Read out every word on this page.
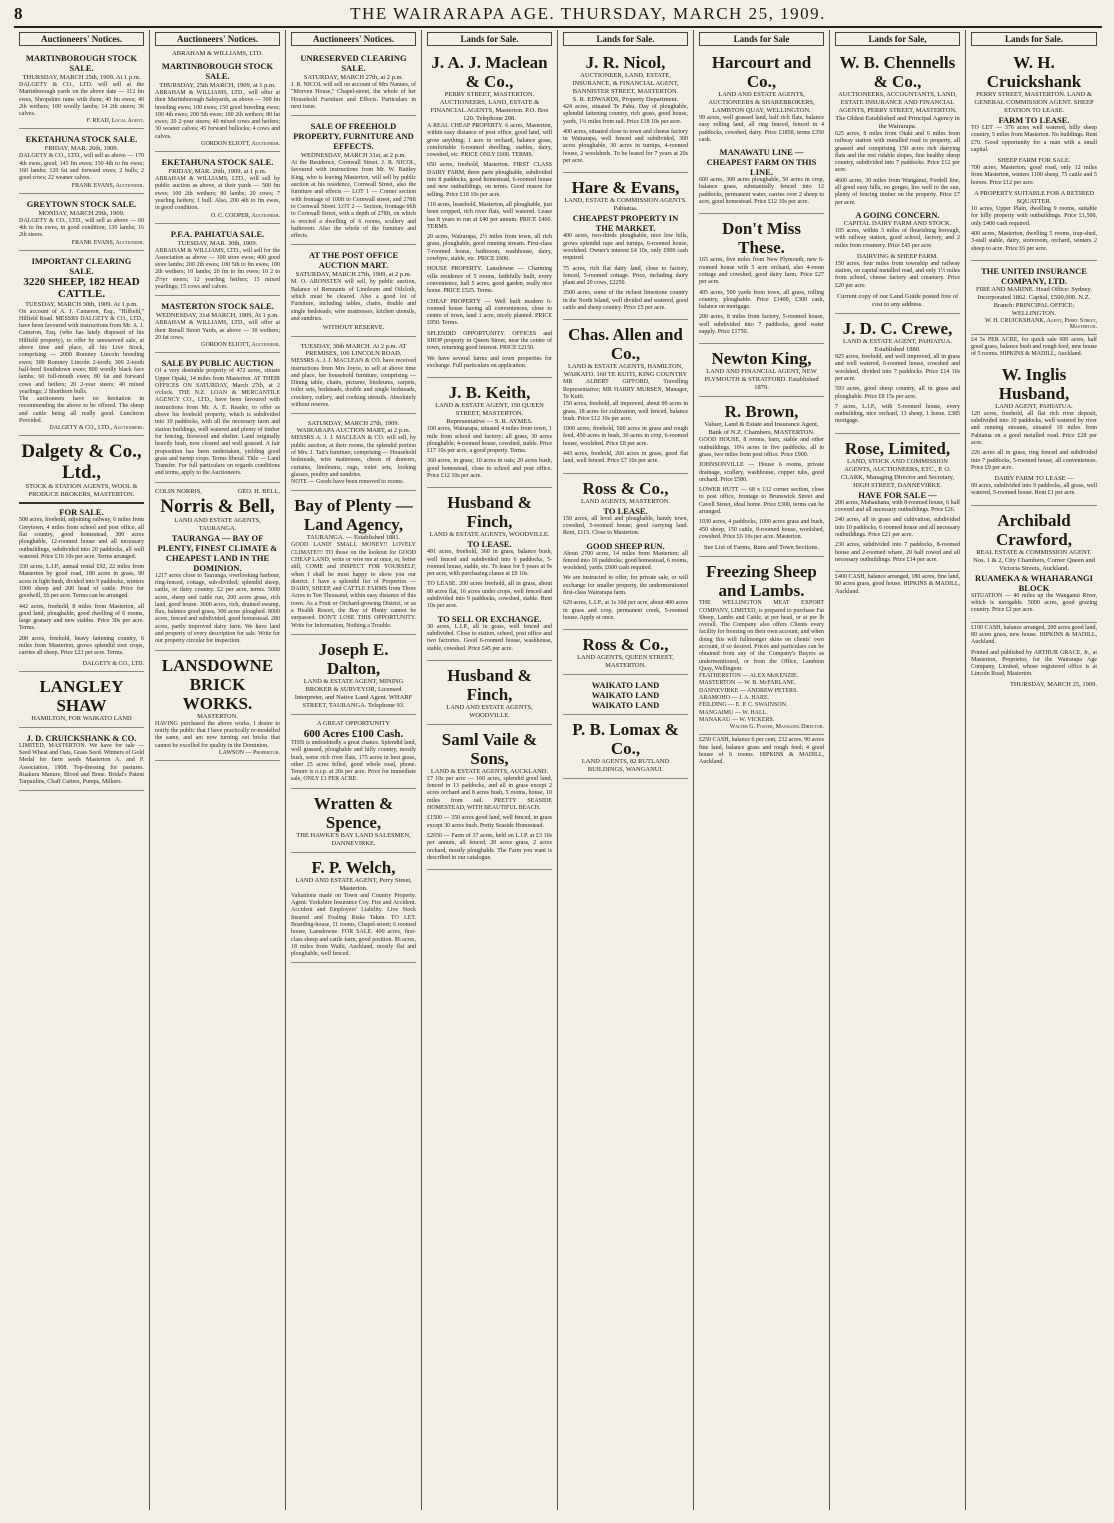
8	THE WAIRARAPA AGE. THURSDAY, MARCH 25, 1909.
Auctioneers' Notices.
MARTINBOROUGH STOCK SALE.
THURSDAY, MARCH 25th, 1909. At 1 p.m.
DALGETY & CO., LTD. will sell at the Martinborough yards on the above date — 112 fm ewes, Shropshire rams with them; 40 fm ewes; 40 2th wethers; 100 woolly lambs; 14 2th steers; 36 calves.
F. READ, Local Agent.
EKETAHUNA STOCK SALE.
FRIDAY, MAR. 26th, 1909.
DALGETY & CO., LTD., will sell as above — 170 4th ewes, good; 145 fm ewes; 150 4th to fm ewes; 160 lambs; 120 fat and forward ewes; 2 bulls; 2 good cows; 22 weaner calves.
FRANK EVANS, Auctioneer.
GREYTOWN STOCK SALE.
MONDAY, MARCH 29th, 1909.
DALGETY & CO., LTD., will sell as above — 60 4th to fm ewes, in good condition; 130 lambs; 16 2th steers.
FRANK EVANS, Auctioneer.
IMPORTANT CLEARING SALE.
3220 SHEEP, 182 HEAD CATTLE.
TUESDAY, MARCH 30th, 1909. At 1 p.m.
On account of A. J. Cameron, Esq., "Hilfield," Hilfield Road. MESSRS DALGETY & CO., LTD., have been favoured with instructions from Mr. A. J. Cameron, Esq. (who has lately disposed of his Hilfield property), to offer by unreserved sale, at above time and place, all his Live Stock, comprising — 2000 Romney Lincoln breeding ewes; 300 Romney Lincoln 2-tooth; 300 2-tooth half-bred Southdown ewes; 800 woolly black face lambs; 60 full-mouth ewes; 80 fat and forward cows and heifers; 20 2-year steers; 40 mixed yearlings; 2 Shorthorn bulls.
The auctioneers have no hesitation in recommending the above to be offered. The sheep and cattle being all really good. Luncheon Provided.
DALGETY & CO., LTD., Auctioneers.
Dalgety & Co., Ltd.,
STOCK & STATION AGENTS, WOOL & PRODUCE BROKERS, MASTERTON.
FOR SALE.
508 acres, freehold, adjoining railway, 6 miles from Greytown, 4 miles from school and post office, all flat country, good homestead, 300 acres ploughable, 12-roomed house and all necessary outbuildings, subdivided into 20 paddocks, all well watered. Price £16 10s per acre. Terms arranged.
330 acres, L.I.P., annual rental £92, 22 miles from Masterton by good road, 180 acres in grass, 90 acres in light bush, divided into 9 paddocks, winters 1000 sheep and 200 head of cattle. Price for goodwill, £6 per acre. Terms can be arranged.
442 acres, freehold, 8 miles from Masterton, all good land, ploughable, good dwelling of 6 rooms, large granary and new stables. Price 30s per acre. Terms.
200 acres, freehold, heavy fattening country, 6 miles from Masterton, grows splendid root crops, carries all sheep. Price £23 per acre. Terms.
DALGETY & CO., LTD.
LANGLEY SHAW
HAMILTON, FOR WAIKATO LAND
J. D. CRUICKSHANK & CO.
LIMITED, MASTERTON. We have for sale — Seed Wheat and Oats, Grass Seed. Winners of Gold Medal for farm seeds Masterton A. and P. Association, 1908. Top-dressing for pastures. Ruakura Manure, Blood and Bone. Bridal's Patent Tarpaulins, Chaff Cutters, Pumps, Milkers.
Auctioneers' Notices.
ABRAHAM & WILLIAMS, LTD.
MARTINBOROUGH STOCK SALE.
THURSDAY, 25th MARCH, 1909, at 1 p.m.
ABRAHAM & WILLIAMS, LTD., will offer at their Martinborough Saleyards, as above — 300 fm breeding ewes; 100 ewes; 150 good breeding ewes; 100 4th ewes; 200 5th ewes; 100 2th wethers; 80 fat ewes; 20 2-year steers; 40 mixed cows and heifers; 30 weaner calves; 45 forward bullocks; 4 cows and calves.
GORDON ELIOTT, Auctioneer.
EKETAHUNA STOCK SALE.
FRIDAY, MAR. 26th, 1909, at 1 p.m.
ABRAHAM & WILLIAMS, LTD., will sell by public auction as above, at their yards — 500 fm ewes; 100 2th wethers; 80 lambs; 20 cows; 7 yearling heifers; 1 bull. Also, 200 4th to fm ewes, in good condition.
O. C. COOPER, Auctioneer.
P.F.A. PAHIATUA SALE.
TUESDAY, MAR. 30th, 1909.
ABRAHAM & WILLIAMS, LTD., will sell for the Association as above — 100 store ewes; 400 good store lambs; 200 2th ewes; 100 5th to fm ewes; 100 2th wethers; 10 lambs; 20 fm to fm ewes; 10 2 to 2½yr steers; 12 yearling heifers; 15 mixed yearlings; 15 cows and calves.
MASTERTON STOCK SALE.
WEDNESDAY, 31st MARCH, 1909, At 1 p.m.
ABRAHAM & WILLIAMS, LTD., will offer at their Renall Street Yards, as above — 30 wethers; 20 fat cows.
GORDON ELIOTT, Auctioneer.
SALE BY PUBLIC AUCTION
Of a very desirable property of 472 acres, situate Upper Opaki, 14 miles from Masterton. AT THEIR OFFICES ON SATURDAY, March 27th, at 2 o'clock. THE N.Z. LOAN & MERCANTILE AGENCY CO., LTD., have been favoured with instructions from Mr. A. E. Reader, to offer as above his freehold property, which is subdivided into 10 paddocks, with all the necessary farm and station buildings, well watered and plenty of timber for fencing, firewood and shelter. Land originally heavily bush, now cleared and well grassed. A fair proposition has been undertaken, yielding good grass and turnip crops. Terms liberal. Title — Land Transfer. For full particulars on regards conditions and terms, apply to the Auctioneers.
COLIN NORRIS,	GEO. H. BELL,
Norris & Bell,
LAND AND ESTATE AGENTS, TAURANGA.
TAURANGA — BAY OF PLENTY, FINEST CLIMATE & CHEAPEST LAND IN THE DOMINION.
1217 acres close to Tauranga, overlooking harbour, ring-fenced, cottage, sub-divided; splendid sheep, cattle, or dairy country. £2 per acre, terms. 5000 acres, sheep and cattle run, 200 acres grass, rich land, good house. 3600 acres, rich, drained swamp, flax, balance good grass, 300 acres ploughed. 8000 acres, fenced and subdivided, good homestead. 280 acres, partly improved dairy farm. We have land and property of every description for sale. Write for our property circular for inspection.
LANSDOWNE BRICK WORKS.
MASTERTON.
HAVING purchased the above works, I desire to notify the public that I have practically re-modelled the same, and am now turning out bricks that cannot be excelled for quality in the Dominion.
LAWSON — Proprietor.
Auctioneers' Notices.
UNRESERVED CLEARING SALE.
SATURDAY, MARCH 27th, at 2 p.m.
J. R. NICOL will sell on account of Mrs Nannes, of "Morven House," Chapel-street, the whole of her Household Furniture and Effects. Particulars in next issue.
SALE OF FREEHOLD PROPERTY, FURNITURE AND EFFECTS.
WEDNESDAY, MARCH 31st, at 2 p.m.
At the Residence, Cornwall Street. J. R. NICOL, favoured with instructions from Mr. W. Battley King, who is leaving Masterton, will sell by public auction at his residence, Cornwall Street, also the furniture and effects — LOT 1 — Corner section with frontage of 100ft to Cornwall street, and 278ft to Cornwall Street. LOT 2 — Section, frontage 66ft to Cornwall Street, with a depth of 278ft, on which is erected a dwelling of 6 rooms, scullery and bathroom. Also the whole of the furniture and effects.
AT THE POST OFFICE AUCTION MART.
SATURDAY, MARCH 27th, 1909, at 2 p.m.
M. O. ARONSTEN will sell, by public auction, Balance of Remnants of Linoleum and Oilcloth, which must be cleared. Also a good lot of Furniture, including tables, chairs, double and single bedsteads, wire mattresses, kitchen utensils, and sundries.
WITHOUT RESERVE.
TUESDAY, 30th MARCH. At 2 p.m. AT PREMISES, 106 LINCOLN ROAD.
MESSRS A. J. J. MACLEAN & CO. have received instructions from Mrs Joyce, to sell at above time and place, her household furniture, comprising — Dining table, chairs, pictures, linoleums, carpets, toilet sets, bedsteads, double and single bedsteads, crockery, cutlery, and cooking utensils. Absolutely without reserve.
SATURDAY, MARCH 27th, 1909. WAIRARAPA AUCTION MART, at 2 p.m.
MESSRS A. J. J. MACLEAN & CO. will sell, by public auction, at their rooms, the splendid portion of Mrs. J. Tait's furniture, comprising — Household bedsteads, wire mattresses, chests of drawers, curtains, linoleums, rugs, toilet sets, looking glasses, poultry and sundries.
NOTE — Goods have been removed to rooms.
Bay of Plenty — Land Agency,
TAURANGA. — Established 1881.
GOOD LAND! SMALL MONEY!! LOVELY CLIMATE!!! TO those on the lookout for GOOD CHEAP LAND, write or wire me at once, or, better still, COME and INSPECT FOR YOURSELF, when I shall be most happy to show you our district. I have a splendid list of Properties — DAIRY, SHEEP, and CATTLE FARMS from Three Acres to Ten Thousand, within easy distance of this town. As a Fruit or Orchard-growing District, or as a Health Resort, the Bay of Plenty cannot be surpassed. DON'T LOSE THIS OPPORTUNITY. Write for Information, Nothing a Trouble.
Joseph E. Dalton,
LAND & ESTATE AGENT, MINING BROKER & SURVEYOR, Licensed Interpreter, and Native Land Agent. WHARF STREET, TAURANGA. Telephone 93.
A GREAT OPPORTUNITY
600 Acres £100 Cash.
THIS is undoubtedly a great chance. Splendid land, well grassed, ploughable and hilly country, mostly bush, some rich river flats, 175 acres in best grass, other 25 acres felled, good whole road, phone. Tenure is o.r.p. at 20s per acre. Price for immediate sale, ONLY £1 PER ACRE.
Wratten & Spence,
THE HAWKE'S BAY LAND SALESMEN, DANNEVIRKE.
F. P. Welch,
LAND AND ESTATE AGENT, Perry Street, Masterton.
Valuations made on Town and Country Property. Agent: Yorkshire Insurance Coy. Fire and Accident. Accident and Employers' Liability. Live Stock Insured and Foaling Risks Taken. TO LET. Boarding-house, 11 rooms, Chapel-street; 6 roomed house, Lansdowne. FOR SALE. 400 acres, first-class sheep and cattle farm, good position. 86 acres, 18 miles from Waihi, Auckland, mostly flat and ploughable, well fenced.
Lands for Sale.
J. A. J. Maclean & Co.,
PERRY STREET, MASTERTON. AUCTIONEERS, LAND, ESTATE & FINANCIAL AGENTS, Masterton. P.O. Box 120. Telephone 208.
A REAL CHEAP PROPERTY. 6 acres, Masterton, within easy distance of post office, good land, will grow anything; 1 acre in orchard, balance grass, comfortable 6-roomed dwelling, stables, dairy, cowshed, etc. PRICE ONLY £600. TERMS.
650 acres, freehold, Masterton. FIRST CLASS DAIRY FARM, three parts ploughable, subdivided into 8 paddocks, good homestead, 6-roomed house and new outbuildings, on terms. Good reason for selling. Price £18 10s per acre.
110 acres, leasehold, Masterton, all ploughable, just been cropped, rich river flats, well watered. Lease has 8 years to run at £40 per annum. PRICE £400. TERMS.
20 acres, Wairarapa, 2½ miles from town, all rich grass, ploughable, good running stream. First-class 7-roomed house, bathroom, washhouse, dairy, cowbyre, stable, etc. PRICE £600.
HOUSE PROPERTY. Lansdowne — Charming villa residence of 5 rooms, faithfully built, every convenience, hall 5 acres, good garden, really nice home. PRICE £525. Terms.
CHEAP PROPERTY — Well built modern 6-roomed house having all conveniences, close to centre of town, land 1 acre, nicely planted. PRICE £950. Terms.
SPLENDID OPPORTUNITY. OFFICES and SHOP property in Queen Street, near the centre of town, returning good interest. PRICE £2150.
We have several farms and town properties for exchange. Full particulars on application.
J. B. Keith,
LAND & ESTATE AGENT, 150 QUEEN STREET, MASTERTON.
Representative — S. R. AYMES.
100 acres, Wairarapa, situated 4 miles from town, 1 mile from school and factory; all grass, 30 acres ploughable; 4-roomed house, cowshed, stable. Price £17 10s per acre, a good property. Terms.
360 acres, in grass; 10 acres in oats; 20 acres bush, good homestead, close to school and post office. Price £12 10s per acre.
Husband & Finch,
LAND & ESTATE AGENTS, WOODVILLE.
TO LEASE.
491 acres, freehold, 360 in grass, balance bush, well fenced and subdivided into 6 paddocks, 5-roomed house, stable, etc. To lease for 5 years at 9s per acre, with purchasing clause at £9 10s.
TO LEASE. 200 acres freehold, all in grass, about 80 acres flat, 16 acres under crops, well fenced and subdivided into 9 paddocks, cowshed, stable. Rent 10s per acre.
TO SELL OR EXCHANGE.
30 acres, L.I.P., all in grass, well fenced and subdivided. Close to station, school, post office and two factories. Good 6-roomed house, washhouse, stable, cowshed. Price £45 per acre.
Husband & Finch,
LAND AND ESTATE AGENTS, WOODVILLE.
Saml Vaile & Sons,
LAND & ESTATE AGENTS, AUCKLAND.
£7 10s per acre — 160 acres, splendid good land, fenced in 13 paddocks, and all in grass except 2 acres orchard and 8 acres bush, 5 rooms, house, 10 miles from rail. PRETTY SEASIDE HOMESTEAD, WITH BEAUTIFUL BEACH.
£1500 — 350 acres good land, well fenced, in grass except 30 acres bush. Pretty Seaside Homestead.
£2650 — Farm of 37 acres, held on L.I.P. at £3 10s per annum, all fenced, 20 acres grass, 2 acres orchard, mostly ploughable. The Farm you want is described in our catalogue.
Lands for Sale.
J. R. Nicol,
AUCTIONEER, LAND, ESTATE, INSURANCE, & FINANCIAL AGENT, BANNISTER STREET, MASTERTON.
S. R. EDWARDS, Property Department.
424 acres, situated Te Pahu, Day of ploughable, splendid fattening country, rich grass, good house, yards, 1¼ miles from rail. Price £18 10s per acre.
400 acres, situated close to town and cheese factory in Wairarapa, well fenced and subdivided, 300 acres ploughable, 30 acres in turnips, 4-roomed house, 2 woolsheds. To be leased for 7 years at 20s per acre.
Hare & Evans,
LAND, ESTATE & COMMISSION AGENTS. Pahiatua.
CHEAPEST PROPERTY IN THE MARKET.
400 acres, two-thirds ploughable, nice low hills, grows splendid rape and turnips, 6-roomed house, woolshed. Owner's interest £4 10s, only £900 cash required.
75 acres, rich flat dairy land, close to factory, fenced, 5-roomed cottage. Price, including dairy plant and 20 cows, £2250.
3500 acres, some of the richest limestone country in the North Island, well divided and watered, good cattle and sheep country. Price £5 per acre.
Chas. Allen and Co.,
LAND & ESTATE AGENTS, HAMILTON, WAIKATO. 160 TE KUITI, KING COUNTRY
MR ALBERT GIFFORD, Travelling Representative; MR HARRY MURSEN, Manager, Te Kuiti.
150 acres, freehold, all improved, about 90 acres in grass, 18 acres for cultivation, well fenced, balance bush. Price £12 10s per acre.
1000 acres, freehold, 500 acres in grass and rough feed, 450 acres in bush, 30 acres in crop, 6-roomed house, woolshed. Price £8 per acre.
443 acres, freehold, 260 acres in grass, good flat land, well fenced. Price £7 10s per acre.
Ross & Co.,
LAND AGENTS, MASTERTON.
TO LEASE.
150 acres, all level and ploughable, handy town, cowshed, 5-roomed house; good carrying land. Rent, £115. Close to Masterton.
GOOD SHEEP RUN.
About 2700 acres, 14 miles from Masterton; all fenced into 10 paddocks; good homestead, 6 rooms, woolshed, yards. £600 cash required.
We are instructed to offer, for private sale, or will exchange for smaller property, the undermentioned first-class Wairarapa farm.
629 acres, L.I.P., at 1s 10d per acre, about 400 acres in grass and crop, permanent creek, 5-roomed house. Apply at once.
Ross & Co.,
LAND AGENTS, QUEEN STREET, MASTERTON.
WAIKATO LAND
WAIKATO LAND
WAIKATO LAND
P. B. Lomax & Co.,
LAND AGENTS, 82 RUTLAND BUILDINGS, WANGANUI.
Lands for Sale
Harcourt and Co.,
LAND AND ESTATE AGENTS, AUCTIONEERS & SHAREBROKERS, LAMBTON QUAY, WELLINGTON.
99 acres, well grassed land, half rich flats, balance easy rolling land, all ring fenced, fenced in 4 paddocks, cowshed, dairy. Price £1850, terms £350 cash.
MANAWATU LINE — CHEAPEST FARM ON THIS LINE.
600 acres, 300 acres ploughable, 50 acres in crop, balance grass, substantially fenced into 12 paddocks, permanent water, carries over 2 sheep to acre, good homestead. Price £12 10s per acre.
Don't Miss These.
165 acres, five miles from New Plymouth, new 6-roomed house with 5 acre orchard, also 4-room cottage and cowshed, good dairy farm. Price £27 per acre.
405 acres, 500 yards from town, all grass, rolling country, ploughable. Price £1400, £300 cash, balance on mortgage.
200 acres, 8 miles from factory, 5-roomed house, well subdivided into 7 paddocks, good water supply. Price £1750.
Newton King,
LAND AND FINANCIAL AGENT, NEW PLYMOUTH & STRATFORD. Established 1879.
R. Brown,
Valuer, Land & Estate and Insurance Agent, Bank of N.Z. Chambers, MASTERTON.
GOOD HOUSE, 8 rooms, barn, stable and other outbuildings, 10¼ acres in five paddocks, all in grass, two miles from post office. Price £900.
JOHNSONVILLE — House 6 rooms, private drainage, scullery, washhouse, copper tubs, good orchard. Price £580.
LOWER HUTT — 68 x 132 corner section, close to post office, frontage to Brunswick Street and Cavell Street, ideal home. Price £300, terms can be arranged.
1030 acres, 4 paddocks, 1000 acres grass and bush, 450 sheep, 150 cattle, 8-roomed house, woolshed, cowshed. Price £6 10s per acre. Masterton.
See List of Farms, Runs and Town Sections.
Freezing Sheep and Lambs.
THE WELLINGTON MEAT EXPORT COMPANY, LIMITED, is prepared to purchase Fat Sheep, Lambs and Cattle, at per head, or at per lb overall. The Company also offers Clients every facility for freezing on their own account, and when doing this will fullmonger skins on clients' own account, if so desired. Prices and particulars can be obtained from any of the Company's Buyers as undermentioned, or from the Office, Lambton Quay, Wellington.
FEATHERSTON — ALEX McKENZIE.
MASTERTON — W. B. McFARLANE.
DANNEVIRKE — ANDREW PETERS.
ARAMOHO — J. A. HARE.
FEILDING — E. P. C. SWAINSON.
MANGAIMU — W. HALL.
MANAKAU — W. VICKERS.
Walter G. Foster, Managing Director.
£250 CASH, balance 6 per cent, 232 acres, 90 acres fine land, balance grass and rough feed; 4 good house of 6 rooms. HIPKINS & MADILL, Auckland.
Lands for Sale,
W. B. Chennells & Co.,
AUCTIONEERS, ACCOUNTANTS, LAND, ESTATE INSURANCE AND FINANCIAL AGENTS, PERRY STREET, MASTERTON.
The Oldest Established and Principal Agency in the Wairarapa.
625 acres, 8 miles from Otaki and 6 miles from railway station with metalled road to property, all grassed and comprising 150 acres rich dairying flats and the rest ridable slopes, fine healthy sheep country, subdivided into 7 paddocks. Price £12 per acre.
4600 acres, 30 miles from Wanganui, Fordell line, all good easy hills, no gorges, lies well to the sun, plenty of fencing timber on the property. Price £7 per acre.
A GOING CONCERN.
CAPITAL DAIRY FARM AND STOCK.
105 acres, within 3 miles of flourishing borough, with railway station, good school, factory, and 2 miles from creamery. Price £45 per acre.
DAIRYING & SHEEP FARM.
150 acres, four miles from township and railway station, on capital metalled road, and only 1½ miles from school, cheese factory and creamery. Price £20 per acre.
Current copy of our Land Guide posted free of cost to any address.
J. D. C. Crewe,
LAND & ESTATE AGENT, PAHIATUA. Established 1880.
925 acres, freehold, and well improved, all in grass and well watered, 6-roomed house, cowshed and woolshed, divided into 7 paddocks. Price £14 10s per acre.
593 acres, good sheep country, all in grass and ploughable. Price £8 15s per acre.
7 acres, L.I.P., with 5-roomed house, every outbuilding, nice orchard, 13 sheep, 1 horse. £385 mortgage.
Rose, Limited,
LAND, STOCK AND COMMISSION AGENTS, AUCTIONEERS, ETC., P. O. CLARK, Managing Director and Secretary, HIGH STREET, DANNEVIRKE.
HAVE FOR SALE —
200 acres, Mahauhana, with 8-roomed house, 6 half covered and all necessary outbuildings. Price £26.
240 acres, all in grass and cultivation, subdivided into 10 paddocks, 6 roomed house and all necessary outbuildings. Price £21 per acre.
230 acres, subdivided into 7 paddocks, 8-roomed house and 2-roomed whare, 20 half rowed and all necessary outbuildings. Price £14 per acre.
£400 CASH, balance arranged, 180 acres, fine land, 80 acres grass, good house. HIPKINS & MADILL, Auckland.
Lands for Sale.
W. H. Cruickshank
PERRY STREET, MASTERTON. LAND & GENERAL COMMISSION AGENT. SHEEP STATION TO LEASE.
FARM TO LEASE.
TO LET — 376 acres well watered, hilly sheep country, 5 miles from Masterton. No buildings. Rent £70. Good opportunity for a man with a small capital.
SHEEP FARM FOR SALE.
700 acres, Masterton, good road, only 12 miles from Masterton, winters 1100 sheep, 75 cattle and 5 horses. Price £12 per acre.
A PROPERTY SUITABLE FOR A RETIRED SQUATTER.
10 acres, Upper Plain, dwelling 9 rooms, suitable for hilly property with outbuildings. Price £1,500, only £400 cash required.
400 acres, Masterton, dwelling 5 rooms, trap-shed, 3-stall stable, dairy, storeroom, orchard, winters 2 sheep to acre. Price £6 per acre.
THE UNITED INSURANCE COMPANY, LTD.
FIRE AND MARINE. Head Office: Sydney. Incorporated 1862. Capital, £500,000. N.Z. Branch: PRINCIPAL OFFICE: WELLINGTON.
W. H. CRUICKSHANK, Agent, Perry Street, Masterton.
£4 5s PER ACRE, for quick sale 600 acres, half good grass, balance bush and rough feed, new house of 5 rooms. HIPKINS & MADILL, Auckland.
W. Inglis Husband,
LAND AGENT, PAHIATUA.
120 acres, freehold, all flat rich river deposit, subdivided into 10 paddocks, well watered by river and running streams, situated 10 miles from Pahiatua on a good metalled road. Price £28 per acre.
226 acres all in grass, ring fenced and subdivided into 7 paddocks, 5-roomed house, all conveniences. Price £9 per acre.
DAIRY FARM TO LEASE —
89 acres, subdivided into 9 paddocks, all grass, well watered, 5-roomed house. Rent £1 per acre.
Archibald Crawford,
REAL ESTATE & COMMISSION AGENT. Nos. 1 & 2, City Chambers, Corner Queen and Victoria Streets, Auckland.
RUAMEKA & WHAHARANGI BLOCK
SITUATION — 40 miles up the Wanganui River, which is navigable. 5000 acres, good grazing country. Price £2 per acre.
£100 CASH, balance arranged, 200 acres good land, 80 acres grass, new house. HIPKINS & MADILL, Auckland.
Printed and published by ARTHUR GRACE, Jr., at Masterton, Proprietor, for the Wairarapa Age Company, Limited, whose registered office is at Lincoln Road, Masterton.
THURSDAY, MARCH 25, 1909.
